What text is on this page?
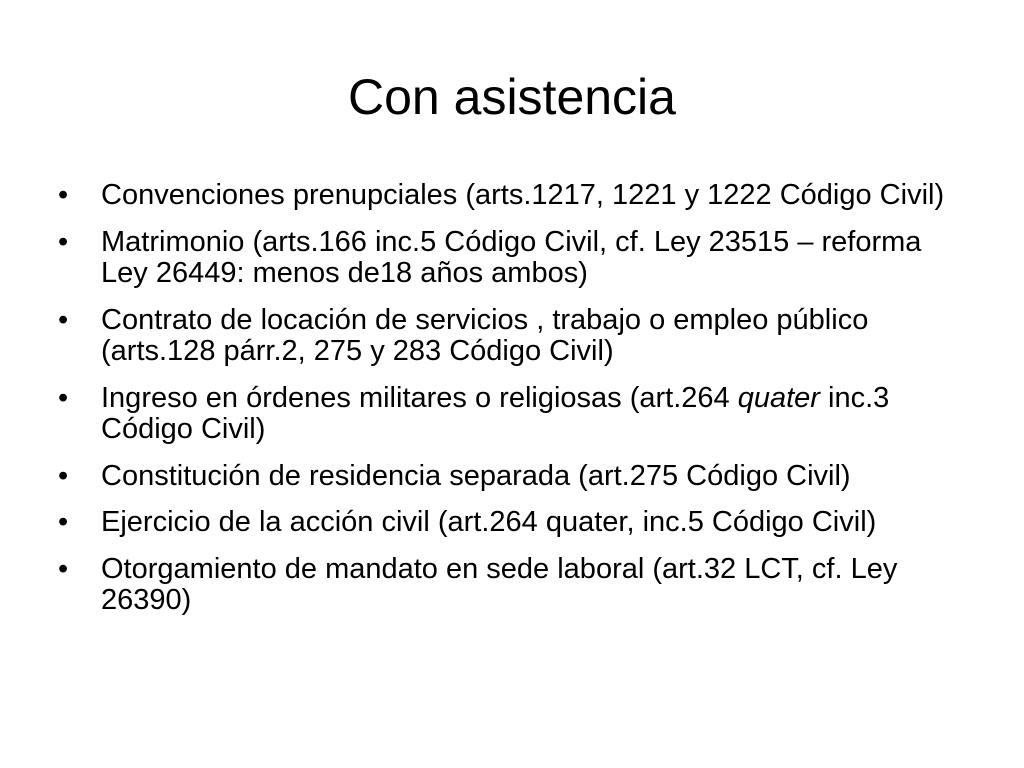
Con asistencia
•	Convenciones prenupciales (arts.1217, 1221 y 1222 Código Civil)
•	Matrimonio (arts.166 inc.5 Código Civil, cf. Ley 23515 – reforma Ley 26449: menos de18 años ambos)
•	Contrato de locación de servicios , trabajo o empleo público (arts.128 párr.2, 275 y 283 Código Civil)
•	Ingreso en órdenes militares o religiosas (art.264 quater inc.3 Código Civil)
•	Constitución de residencia separada (art.275 Código Civil)
•	Ejercicio de la acción civil (art.264 quater, inc.5 Código Civil)
•	Otorgamiento de mandato en sede laboral (art.32 LCT, cf. Ley 26390)
